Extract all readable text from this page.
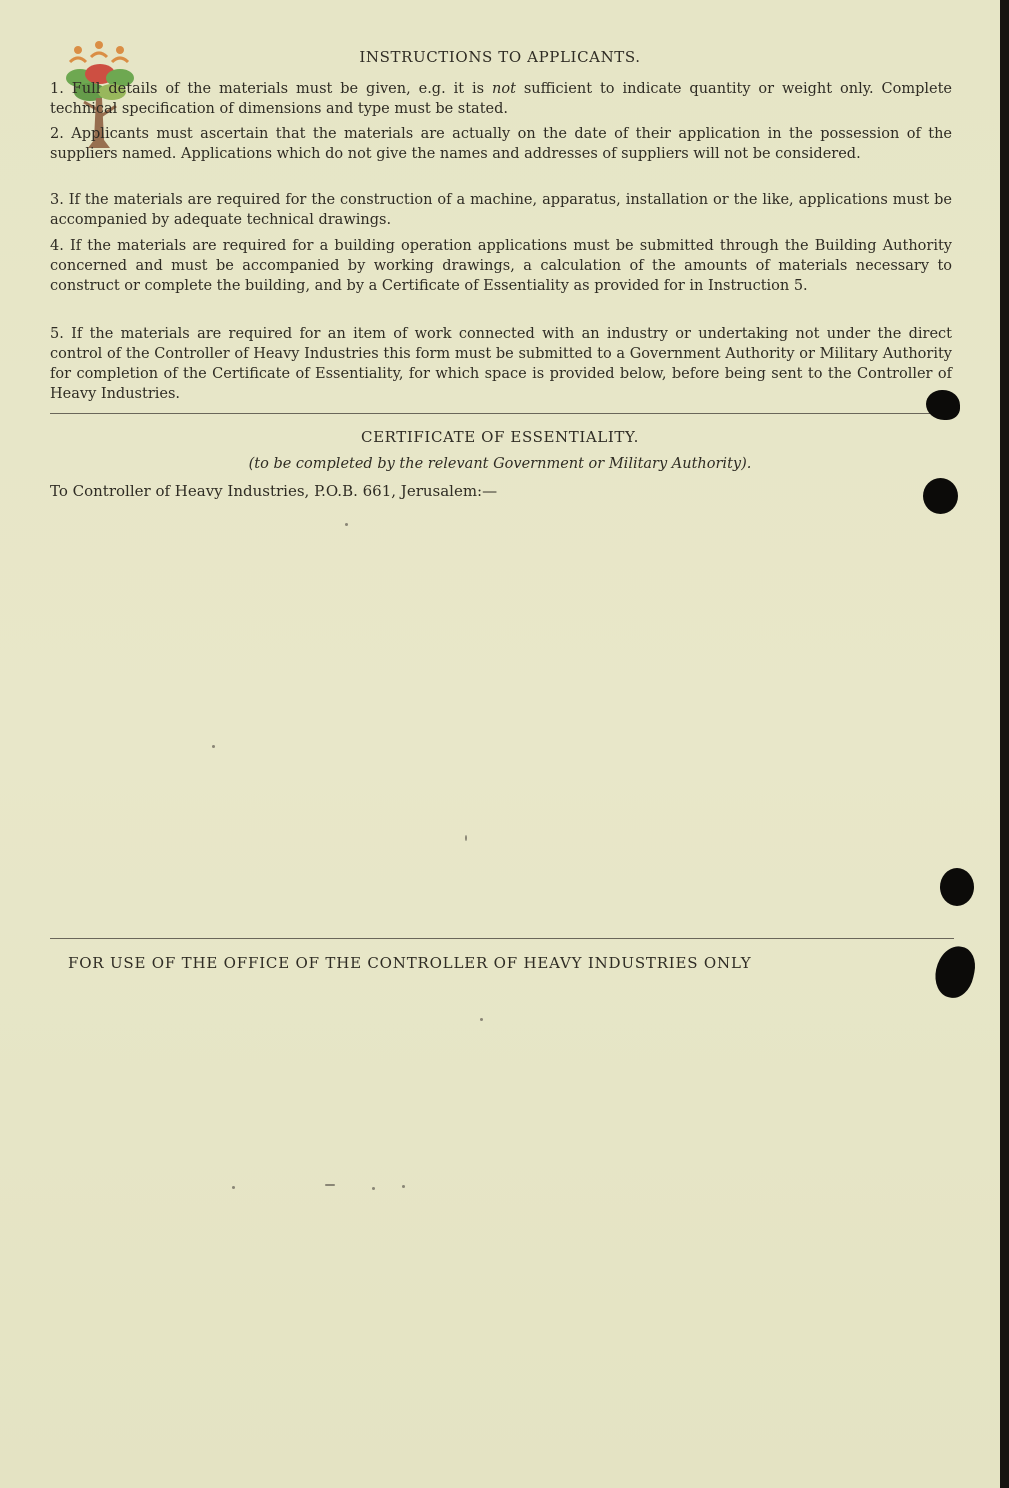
INSTRUCTIONS TO APPLICANTS.
1. Full details of the materials must be given, e.g. it is not sufficient to indicate quantity or weight only. Complete technical specification of dimensions and type must be stated.
2. Applicants must ascertain that the materials are actually on the date of their application in the possession of the suppliers named. Applications which do not give the names and addresses of suppliers will not be considered.
3. If the materials are required for the construction of a machine, apparatus, installation or the like, applications must be accompanied by adequate technical drawings.
4. If the materials are required for a building operation applications must be submitted through the Building Authority concerned and must be accompanied by working drawings, a calculation of the amounts of materials necessary to construct or complete the building, and by a Certificate of Essentiality as provided for in Instruction 5.
5. If the materials are required for an item of work connected with an industry or undertaking not under the direct control of the Controller of Heavy Industries this form must be submitted to a Government Authority or Military Authority for completion of the Certificate of Essentiality, for which space is provided below, before being sent to the Controller of Heavy Industries.
CERTIFICATE OF ESSENTIALITY.
(to be completed by the relevant Government or Military Authority).
To Controller of Heavy Industries, P.O.B. 661, Jerusalem:—
FOR USE OF THE OFFICE OF THE CONTROLLER OF HEAVY INDUSTRIES ONLY
